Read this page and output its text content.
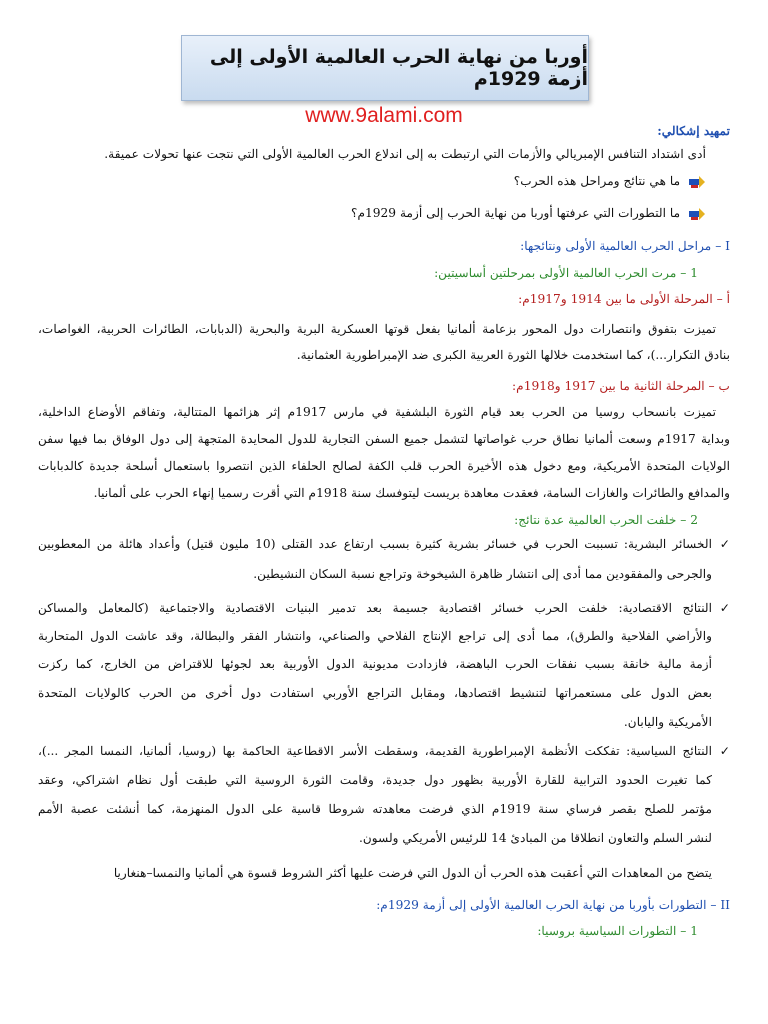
أوربا من نهاية الحرب العالمية الأولى إلى أزمة 1929م
www.9alami.com
تمهيد إشكالي:
أدى اشتداد التنافس الإمبريالي والأزمات التي ارتبطت به إلى اندلاع الحرب العالمية الأولى التي نتجت عنها تحولات عميقة.
ما هي نتائج ومراحل هذه الحرب؟
ما التطورات التي عرفتها أوربا من نهاية الحرب إلى أزمة 1929م؟
I – مراحل الحرب العالمية الأولى ونتائجها:
1 – مرت الحرب العالمية الأولى بمرحلتين أساسيتين:
أ – المرحلة الأولى ما بين 1914 و1917م:
تميزت بتفوق وانتصارات دول المحور بزعامة ألمانيا بفعل قوتها العسكرية البرية والبحرية (الدبابات، الطائرات الحربية، الغواصات،
بنادق التكرار...)، كما استخدمت خلالها الثورة العربية الكبرى ضد الإمبراطورية العثمانية.
ب – المرحلة الثانية ما بين 1917 و1918م:
تميزت بانسحاب روسيا من الحرب بعد قيام الثورة البلشفية في مارس 1917م إثر هزائمها المتتالية، وتفاقم الأوضاع الداخلية،
وبداية 1917م وسعت ألمانيا نطاق حرب غواصاتها لتشمل جميع السفن التجارية للدول المحايدة المتجهة إلى دول الوفاق بما فيها سفن
الولايات المتحدة الأمريكية، ومع دخول هذه الأخيرة الحرب قلب الكفة لصالح الحلفاء الذين انتصروا باستعمال أسلحة جديدة كالدبابات
والمدافع والطائرات والغازات السامة، فعقدت معاهدة بريست ليتوفسك سنة 1918م التي أقرت رسميا إنهاء الحرب على ألمانيا.
2 – خلفت الحرب العالمية عدة نتائج:
✓الخسائر البشرية: تسببت الحرب في خسائر بشرية كثيرة بسبب ارتفاع عدد القتلى (10 مليون قتيل) وأعداد هائلة من المعطوبين
والجرحى والمفقودين مما أدى إلى انتشار ظاهرة الشيخوخة وتراجع نسبة السكان النشيطين.
✓النتائج الاقتصادية: خلفت الحرب خسائر اقتصادية جسيمة بعد تدمير البنيات الاقتصادية والاجتماعية (كالمعامل والمساكن
والأراضي الفلاحية والطرق)، مما أدى إلى تراجع الإنتاج الفلاحي والصناعي، وانتشار الفقر والبطالة، وقد عاشت الدول المتحاربة
أزمة مالية خانقة بسبب نفقات الحرب الباهضة، فازدادت مديونية الدول الأوربية بعد لجوئها للاقتراض من الخارج، كما ركزت
بعض الدول على مستعمراتها لتنشيط اقتصادها، ومقابل التراجع الأوربي استفادت دول أخرى من الحرب كالولايات المتحدة
الأمريكية واليابان.
✓النتائج السياسية: تفككت الأنظمة الإمبراطورية القديمة، وسقطت الأسر الاقطاعية الحاكمة بها (روسيا، ألمانيا، النمسا المجر ...)،
كما تغيرت الحدود الترابية للقارة الأوربية بظهور دول جديدة، وقامت الثورة الروسية التي طبقت أول نظام اشتراكي، وعقد
مؤتمر للصلح بقصر فرساي سنة 1919م الذي فرضت معاهدته شروطا قاسية على الدول المنهزمة، كما أنشئت عصبة الأمم
لنشر السلم والتعاون انطلاقا من المبادئ 14 للرئيس الأمريكي ولسون.
يتضح من المعاهدات التي أعقبت هذه الحرب أن الدول التي فرضت عليها أكثر الشروط قسوة هي ألمانيا والنمسا–هنغاريا
II – التطورات بأوربا من نهاية الحرب العالمية الأولى إلى أزمة 1929م:
1 – التطورات السياسية بروسيا:
